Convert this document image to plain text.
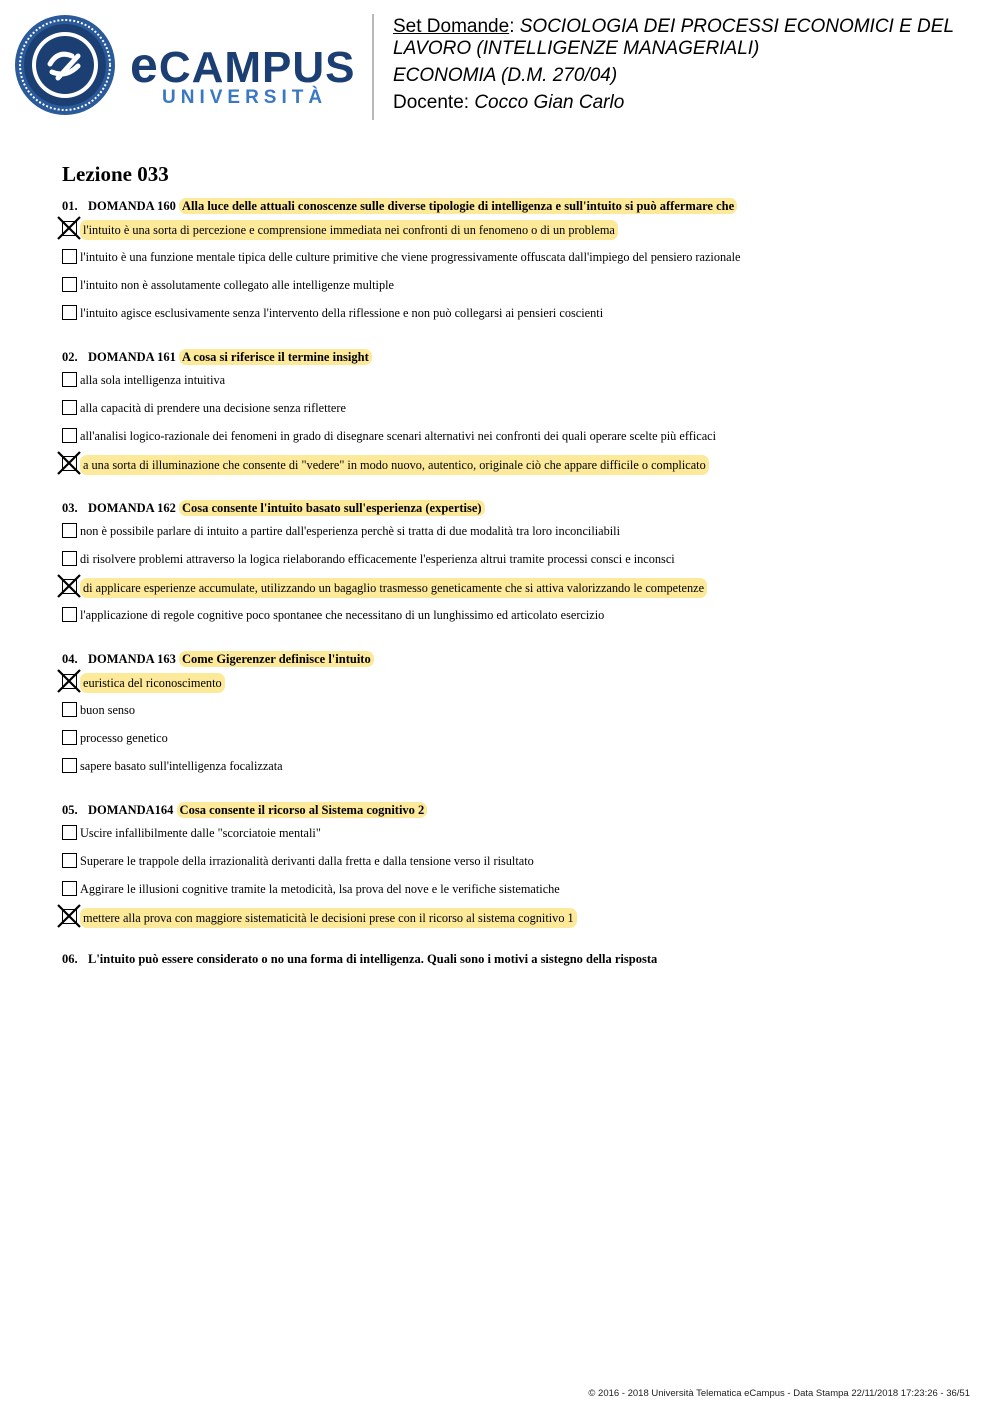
eCAMPUS
UNIVERSITÀ
Set Domande: SOCIOLOGIA DEI PROCESSI ECONOMICI E DEL LAVORO (INTELLIGENZE MANAGERIALI)
ECONOMIA (D.M. 270/04)
Docente: Cocco Gian Carlo
Lezione 033
01. DOMANDA 160 Alla luce delle attuali conoscenze sulle diverse tipologie di intelligenza e sull'intuito si può affermare che
l'intuito è una sorta di percezione e comprensione immediata nei confronti di un fenomeno o di un problema
l'intuito è una funzione mentale tipica delle culture primitive che viene progressivamente offuscata dall'impiego del pensiero razionale
l'intuito non è assolutamente collegato alle intelligenze multiple
l'intuito agisce esclusivamente senza l'intervento della riflessione e non può collegarsi ai pensieri coscienti
02. DOMANDA 161 A cosa si riferisce il termine insight
alla sola intelligenza intuitiva
alla capacità di prendere una decisione senza riflettere
all'analisi logico-razionale dei fenomeni in grado di disegnare scenari alternativi nei confronti dei quali operare scelte più efficaci
a una sorta di illuminazione che consente di "vedere" in modo nuovo, autentico, originale ciò che appare difficile o complicato
03. DOMANDA 162 Cosa consente l'intuito basato sull'esperienza (expertise)
non è possibile parlare di intuito a partire dall'esperienza perchè si tratta di due modalità tra loro inconciliabili
di risolvere problemi attraverso la logica rielaborando efficacemente l'esperienza altrui tramite processi consci e inconsci
di applicare esperienze accumulate, utilizzando un bagaglio trasmesso geneticamente che si attiva valorizzando le competenze
l'applicazione di regole cognitive poco spontanee che necessitano di un lunghissimo ed articolato esercizio
04. DOMANDA 163 Come Gigerenzer definisce l'intuito
euristica del riconoscimento
buon senso
processo genetico
sapere basato sull'intelligenza focalizzata
05. DOMANDA164 Cosa consente il ricorso al Sistema cognitivo 2
Uscire infallibilmente dalle "scorciatoie mentali"
Superare le trappole della irrazionalità derivanti dalla fretta e dalla tensione verso il risultato
Aggirare le illusioni cognitive tramite la metodicità, lsa prova del nove e le verifiche sistematiche
mettere alla prova con maggiore sistematicità le decisioni prese con il ricorso al sistema cognitivo 1
06. L'intuito può essere considerato o no una forma di intelligenza. Quali sono i motivi a sistegno della risposta
© 2016 - 2018 Università Telematica eCampus - Data Stampa 22/11/2018 17:23:26 - 36/51
